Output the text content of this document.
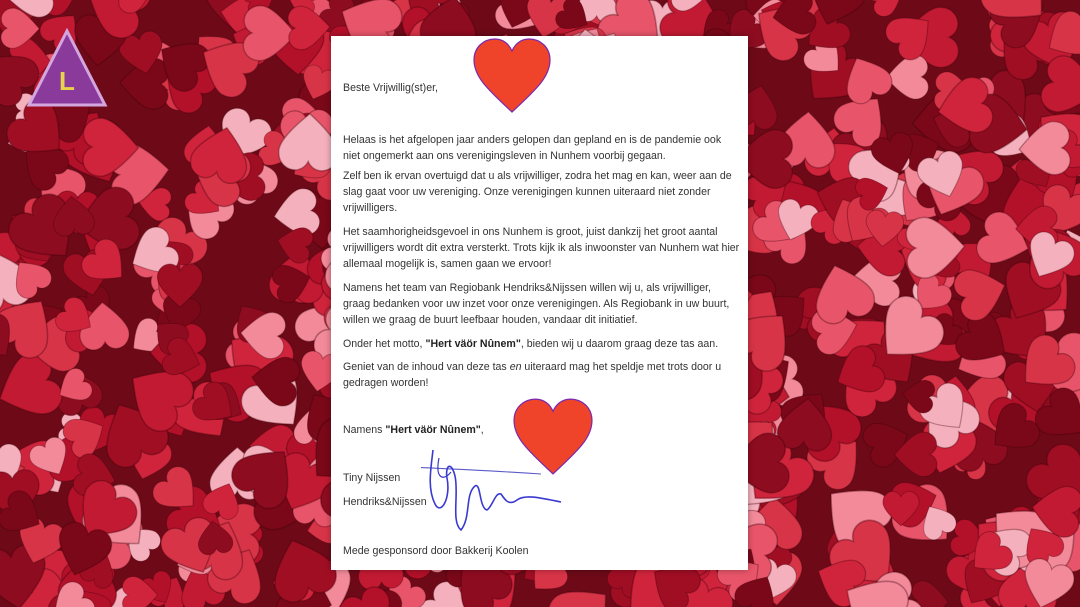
L	Beste Vrijwillig(st)er,

Helaas is het afgelopen jaar anders gelopen dan gepland en is de pandemie ook niet ongemerkt aan ons verenigingsleven in Nunhem voorbij gegaan.

Zelf ben ik ervan overtuigd dat u als vrijwilliger, zodra het mag en kan, weer aan de slag gaat voor uw vereniging. Onze verenigingen kunnen uiteraard niet zonder vrijwilligers.

Het saamhorigheidsgevoel in ons Nunhem is groot, juist dankzij het groot aantal vrijwilligers wordt dit extra versterkt. Trots kijk ik als inwoonster van Nunhem wat hier allemaal mogelijk is, samen gaan we ervoor!

Namens het team van Regiobank Hendriks&Nijssen willen wij u, als vrijwilliger, graag bedanken voor uw inzet voor onze verenigingen. Als Regiobank in uw buurt, willen we graag de buurt leefbaar houden, vandaar dit initiatief.

Onder het motto, "Hert väör Nûnem", bieden wij u daarom graag deze tas aan.

Geniet van de inhoud van deze tas en uiteraard mag het speldje met trots door u gedragen worden!

Namens "Hert väör Nûnem",

Tiny Nijssen

Hendriks&Nijssen

Mede gesponsord door Bakkerij Koolen
